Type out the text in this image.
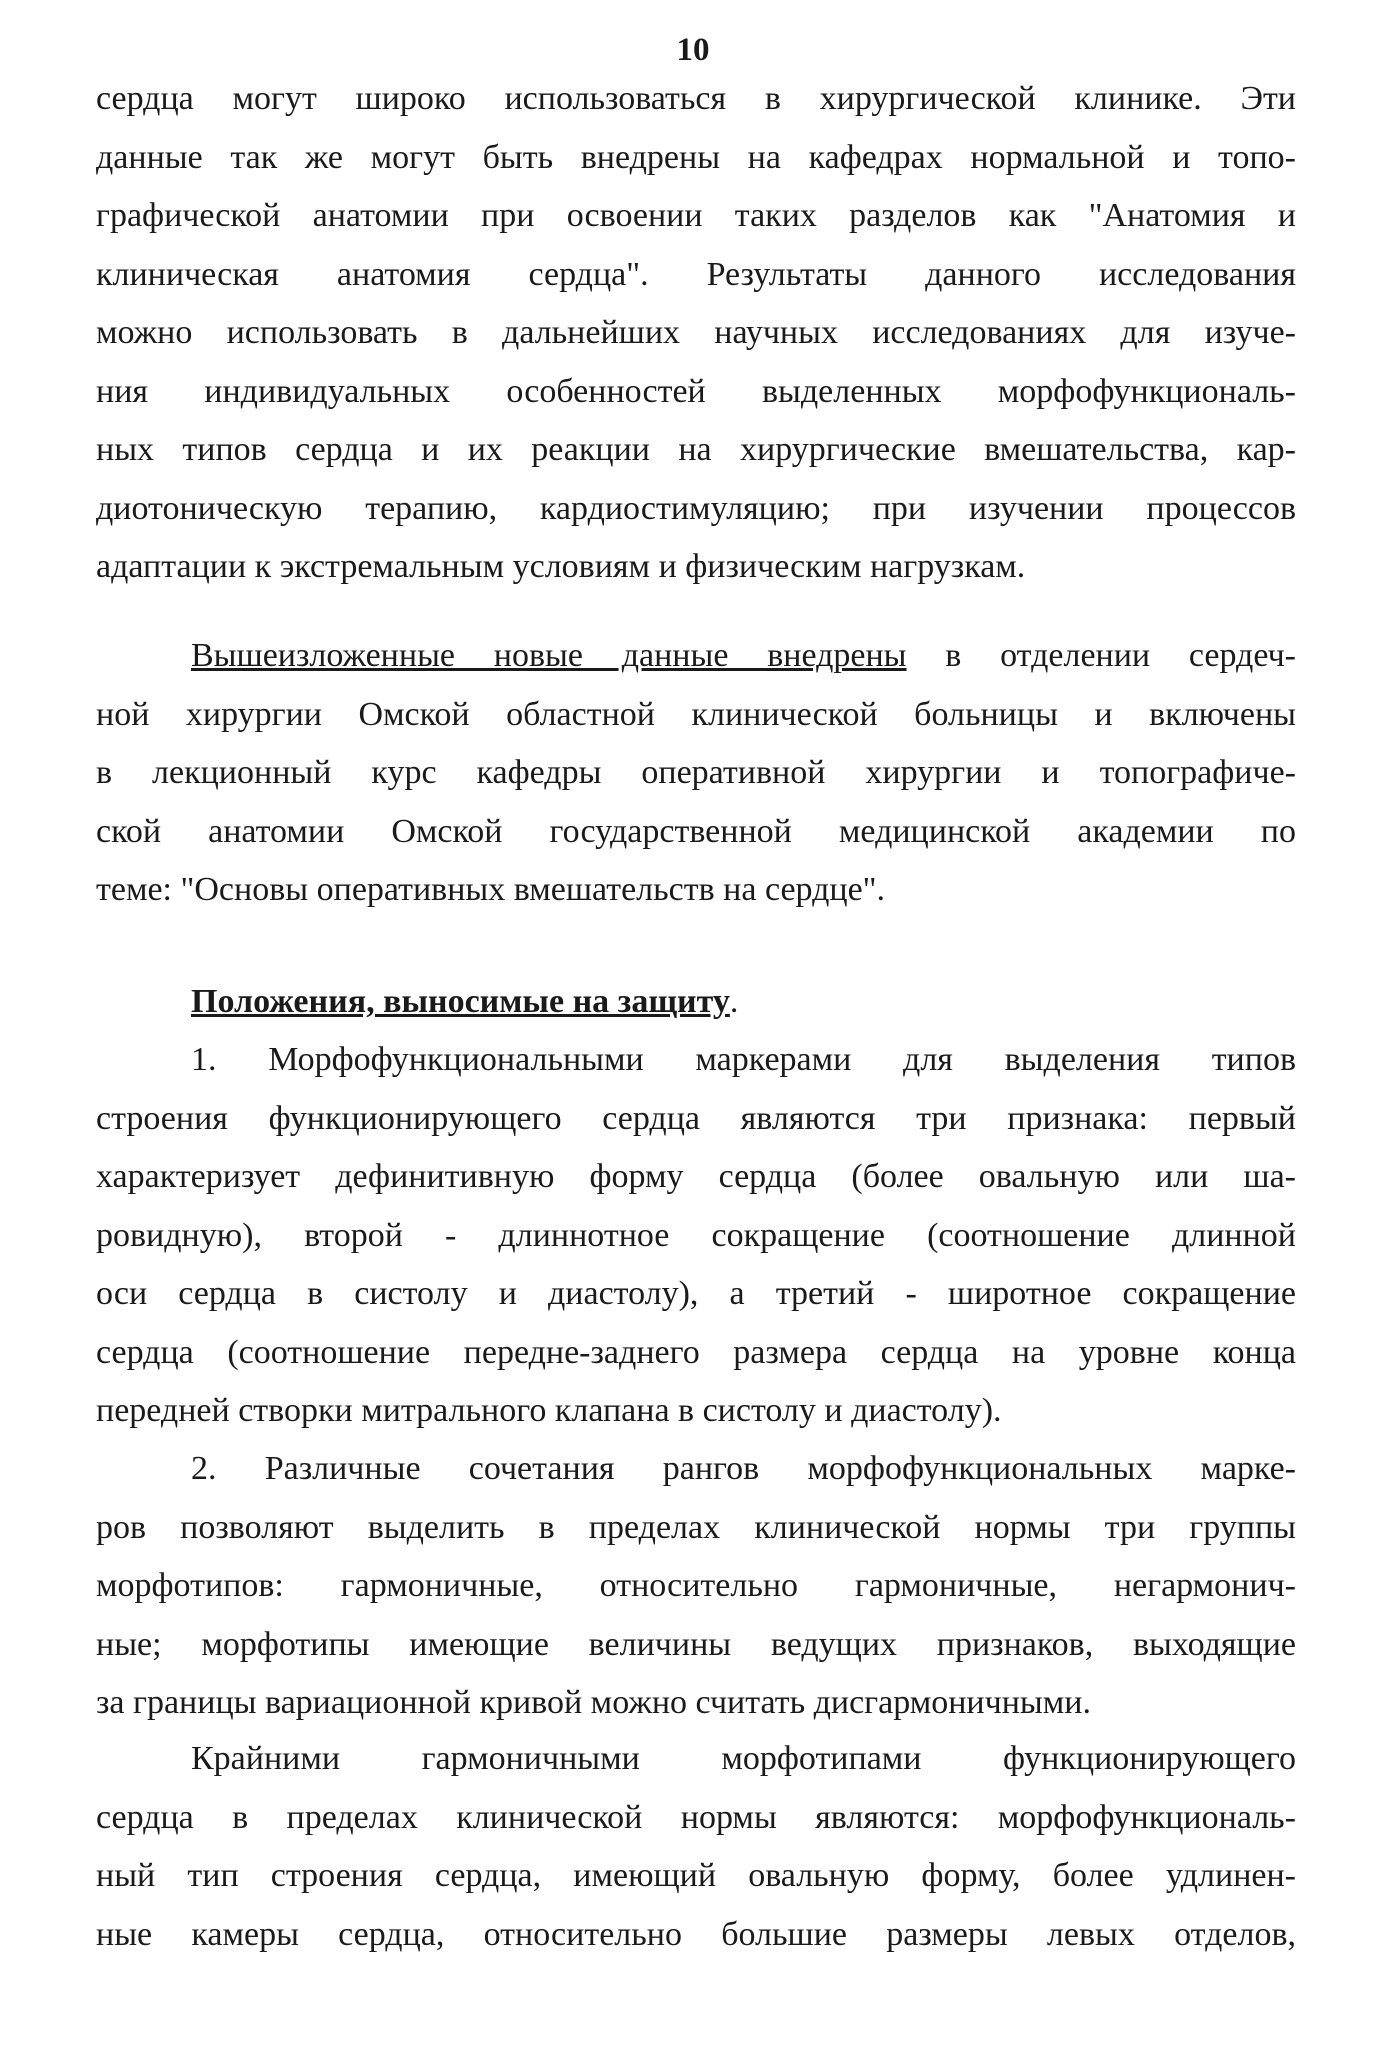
10
сердца могут широко использоваться в хирургической клинике. Эти
данные так же могут быть внедрены на кафедрах нормальной и топо-
графической анатомии при освоении таких разделов как "Анатомия и
клиническая анатомия сердца". Результаты данного исследования
можно использовать в дальнейших научных исследованиях для изуче-
ния индивидуальных особенностей выделенных морфофункциональ-
ных типов сердца и их реакции на хирургические вмешательства, кар-
диотоническую терапию, кардиостимуляцию; при изучении процессов
адаптации к экстремальным условиям и физическим нагрузкам.
Вышеизложенные новые данные внедрены в отделении сердеч-
ной хирургии Омской областной клинической больницы и включены
в лекционный курс кафедры оперативной хирургии и топографиче-
ской анатомии Омской государственной медицинской академии по
теме: "Основы оперативных вмешательств на сердце".
Положения, выносимые на защиту.
1. Морфофункциональными маркерами для выделения типов
строения функционирующего сердца являются три признака: первый
характеризует дефинитивную форму сердца (более овальную или ша-
ровидную), второй - длиннотное сокращение (соотношение длинной
оси сердца в систолу и диастолу), а третий - широтное сокращение
сердца (соотношение передне-заднего размера сердца на уровне конца
передней створки митрального клапана в систолу и диастолу).
2. Различные сочетания рангов морфофункциональных марке-
ров позволяют выделить в пределах клинической нормы три группы
морфотипов: гармоничные, относительно гармоничные, негармонич-
ные; морфотипы имеющие величины ведущих признаков, выходящие
за границы вариационной кривой можно считать дисгармоничными.
Крайними гармоничными морфотипами функционирующего
сердца в пределах клинической нормы являются: морфофункциональ-
ный тип строения сердца, имеющий овальную форму, более удлинен-
ные камеры сердца, относительно большие размеры левых отделов,
